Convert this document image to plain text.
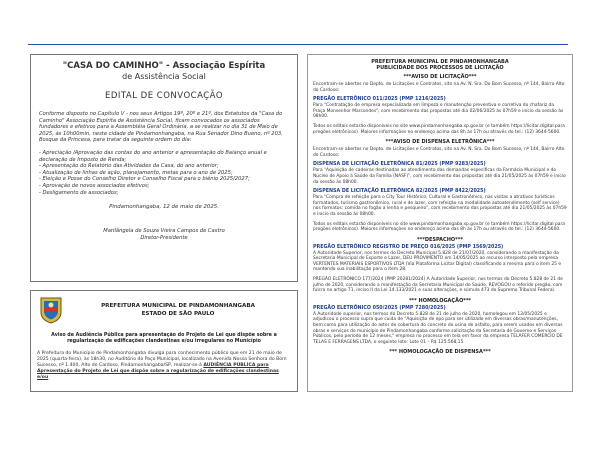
"CASA DO CAMINHO" - Associação Espírita

de Assistência Social

EDITAL DE CONVOCAÇÃO

Conforme disposto no Capítulo V - nos seus Artigos 19º, 20º e 21º, dos Estatutos da "Casa do Caminho" Associação Espírita de Assistência Social, ficam convocados os associados fundadores e efetivos para a Assembléia Geral Ordinária, a se realizar no dia 31 de Maio de 2025, às 10h00min, neste cidade de Pindamonhangaba, na Rua Senador Dino Bueno, nº 203, Bosque da Princesa, para tratar da seguinte ordem do dia:

- Apreciação /Aprovação das contas do ano anterior e apresentação do Balanço anual e declaração de Imposto de Renda;
- Apresentação do Relatório das Atividades da Casa, do ano anterior;
- Atualização de linhas de ação, planejamento, metas para o ano de 2025;
- Eleição e Posse do Conselho Diretor e Conselho Fiscal para o biênio 2025/2027;
- Aprovação de novos associados efetivos;
- Desligamento de associados;

Pindamonhangaba, 12 de maio de 2025.

Marilângela de Souza Vieira Campos de Castro

Diretor-Presidente

PREFEITURA MUNICIPAL DE PINDAMONHANGABA
ESTADO DE SÃO PAULO

Aviso de Audiência Pública para apresentação do Projeto de Lei que dispõe sobre a regularização de edificações clandestinas e/ou irregulares no Município

A Prefeitura do Município de Pindamonhangaba divulga para conhecimento público que em 21 de maio de 2025 (quarta-feira), às 18h30, no Auditório do Paço Municipal, localizado na Avenida Nossa Senhora do Bom Sucesso, nº 1.400, Alto do Cardoso, Pindamonhangaba/SP, realizar-se-á AUDIÊNCIA PÚBLICA para Apresentação do Projeto de Lei que dispõe sobre a regularização de edificações clandestinas e/ou

PREFEITURA MUNICIPAL DE PINDAMONHANGABA

PUBLICIDADE DOS PROCESSOS DE LICITAÇÃO

***AVISO DE LICITAÇÃO***

Encontram-se abertos no Depto. de Licitações e Contratos, sito na Av. N. Sra. Do Bom Sucesso, nº 144, Bairro Alto do Cardoso:

PREGÃO ELETRÔNICO 011/2025 (PMP 1216/2025)

Para "Contratação de empresa especializada em limpeza e manutenção preventiva e corretiva do chafariz da Praça Monsenhor Marcondes", com recebimento das propostas até dia 02/06/2025 às 07h59 e início da sessão às 08h00.

Todos os editais estarão disponíveis no site www.pindamonhangaba.sp.gov.br (e também https://licitar.digital para pregões eletrônicos). Maiores informações no endereço acima das 8h às 17h ou através do tel.: (12) 3644-5600.

***AVISO DE DISPENSA ELETRÔNICA***

Encontram-se abertos no Depto. de Licitações e Contratos, sito na Av. N. Sra. Do Bom Sucesso, nº 144, Bairro Alto do Cardoso:

DISPENSA DE LICITAÇÃO ELETRÔNICA 81/2025 (PMP 9283/2025)

Para "Aquisição de cadeiras destinadas ao atendimento das demandas especificas da Farmácia Municipal e do Núcleo de Apoio à Saúde da Família (NASF)", com recebimento das propostas até dia 21/05/2025 às 07h59 e início da sessão às 08h00.

DISPENSA DE LICITAÇÃO ELETRÔNICA 82/2025 (PMP 8422/2025)

Para "Compra de refeição para o City Tour Histórico, Cultural e Gastronômico, nas visitas a atrativos turísticos formatados, turismo gastronômico, rural e de lazer, com refeição na modalidade autoatendimento (self service) nos formatos: comida no fogão a lenha e pesqueiro", com recebimento das propostas até dia 21/05/2025 às 07h59 e início da sessão às 08h00.

Todos os editais estarão disponíveis no site www.pindamonhangaba.sp.gov.br (e também https://licitar.digital para pregões eletrônicos). Maiores informações no endereço acima das 8h às 17h ou através do tel.: (12) 3644-5600.

***DESPACHO***

PREGÃO ELETRÔNICO REGISTRO DE PREÇO 016/2025 (PMP 1569/2025)

A Autoridade Superior, nos termos do Decreto Municipal 5.828 de 21/07/2020, considerando a manifestação da Secretaria Municipal de Esporte e Lazer, DEU PROVIMENTO em 14/05/2025 ao recurso interposto pela empresa VERTENTES MATERIAIS ESPORTIVOS LTDA (Via Plataforma Licitar Digital) classificando a mesma para o item 25 e mantendo sua inabilitação para o item 28.

PREGÃO ELETRÔNICO 177/2024 (PMP 20281/2024) A Autoridade Superior, nos termos do Decreto 5.828 de 21 de julho de 2020, considerando a manifestação da Secretaria Municipal de Saúde, REVOGOU o referido pregão, com fulcro no artigo 71, inciso II da Lei 14.133/2021 e suas alterações, e súmula 473 do Supremo Tribunal Federal.

*** HOMOLOGAÇÃO***

PREGÃO ELETRÔNICO 050/2025 (PMP 7280/2025)

A Autoridade superior, nos termos do Decreto 5.828 de 21 de julho de 2020, homologou em 13/05/2025 e adjudicou o processo supra que cuida de "Aquisição de epo para ser utilizado em diversas obras/manutenções, bem como para utilização do aster de cobertura do concreto da usina de asfalto, para serem usados em diversas obras e serviços do município de Pindamonhangaba conforme solicitação da Secretaria de Governo e Serviços Públicos, pelo período de 12 meses," empresa no processo em tela em favor da empresa TELAFER COMERCIO DE TELAS E FERRAGENS LTDA, o seguinte lote: Lote 01 – R$ 125.568,15.

*** HOMOLOGAÇÃO DE DISPENSA***
